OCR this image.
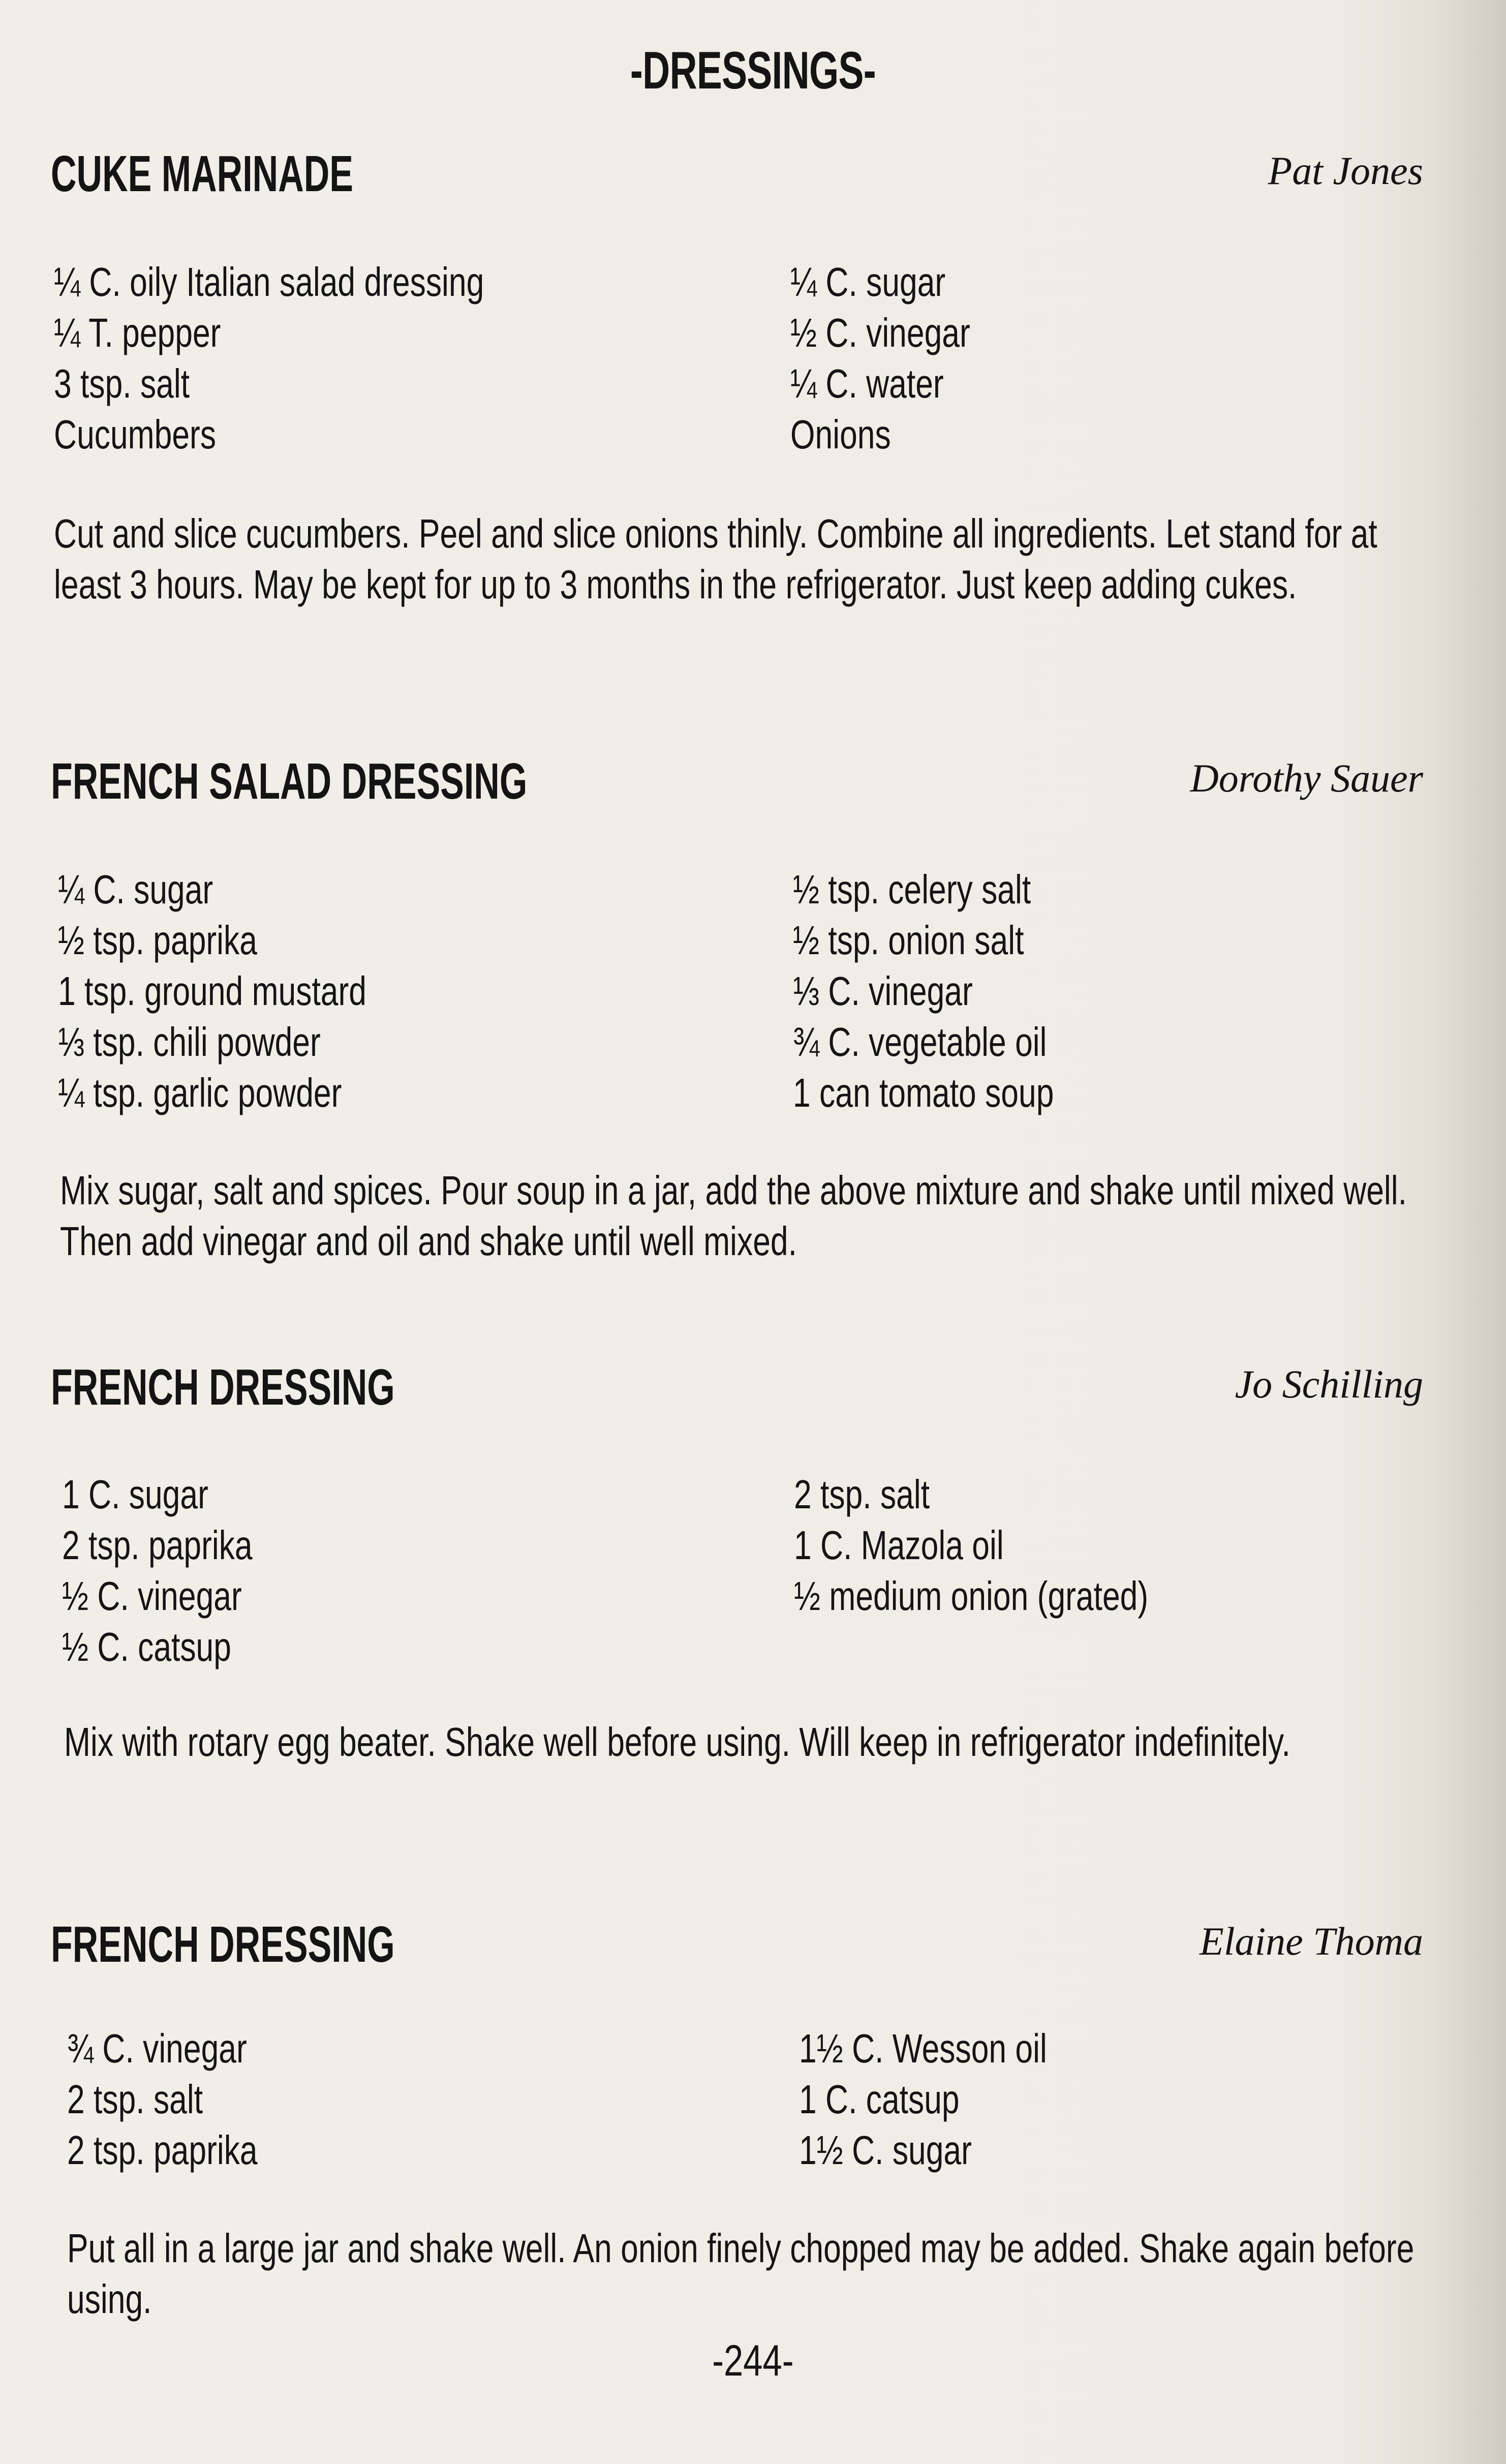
-DRESSINGS-
CUKE MARINADE	Pat Jones
¼ C. oily Italian salad dressing
¼ T. pepper
3 tsp. salt
Cucumbers
¼ C. sugar
½ C. vinegar
¼ C. water
Onions
Cut and slice cucumbers. Peel and slice onions thinly. Combine all ingredients. Let stand for at least 3 hours. May be kept for up to 3 months in the refrigerator. Just keep adding cukes.
FRENCH SALAD DRESSING	Dorothy Sauer
¼ C. sugar
½ tsp. paprika
1 tsp. ground mustard
⅓ tsp. chili powder
¼ tsp. garlic powder
½ tsp. celery salt
½ tsp. onion salt
⅓ C. vinegar
¾ C. vegetable oil
1 can tomato soup
Mix sugar, salt and spices. Pour soup in a jar, add the above mixture and shake until mixed well. Then add vinegar and oil and shake until well mixed.
FRENCH DRESSING	Jo Schilling
1 C. sugar
2 tsp. paprika
½ C. vinegar
½ C. catsup
2 tsp. salt
1 C. Mazola oil
½ medium onion (grated)
Mix with rotary egg beater. Shake well before using. Will keep in refrigerator indefinitely.
FRENCH DRESSING	Elaine Thoma
¾ C. vinegar
2 tsp. salt
2 tsp. paprika
1½ C. Wesson oil
1 C. catsup
1½ C. sugar
Put all in a large jar and shake well. An onion finely chopped may be added. Shake again before using.
-244-
